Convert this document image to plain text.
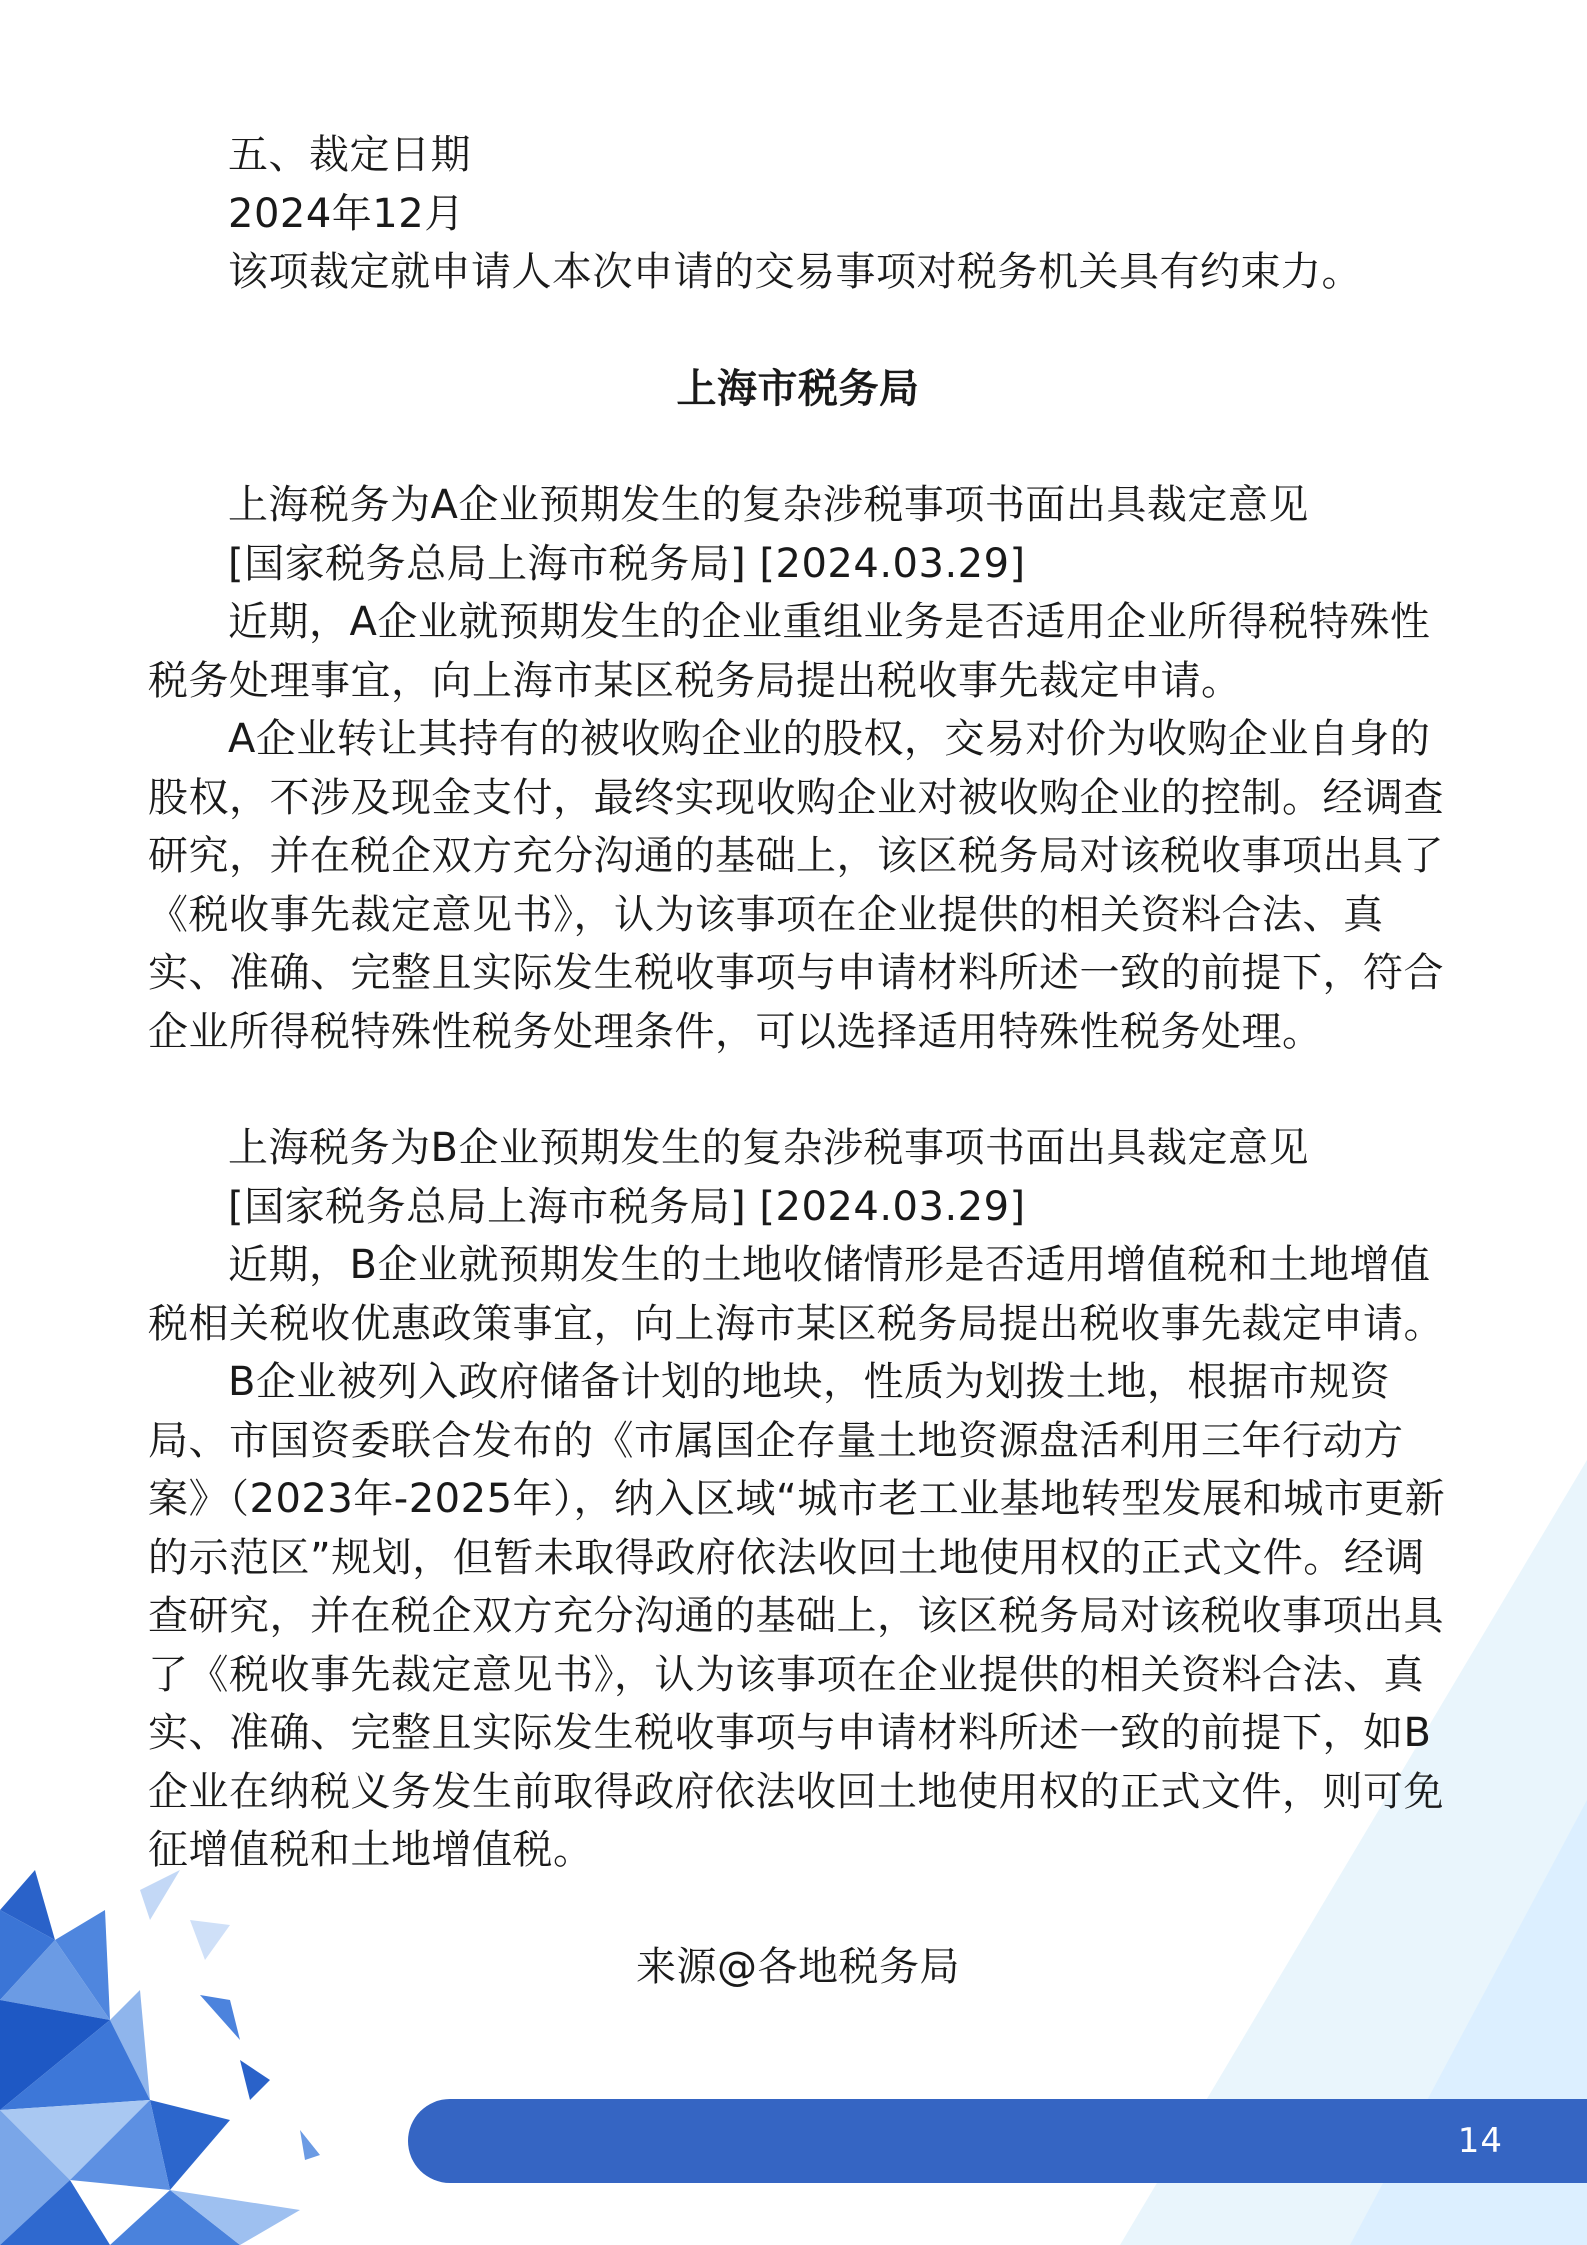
五、裁定日期

2024年12月

该项裁定就申请人本次申请的交易事项对税务机关具有约束力。

上海市税务局

上海税务为A企业预期发生的复杂涉税事项书面出具裁定意见

[国家税务总局上海市税务局] [2024.03.29]

近期，A企业就预期发生的企业重组业务是否适用企业所得税特殊性税务处理事宜，向上海市某区税务局提出税收事先裁定申请。

A企业转让其持有的被收购企业的股权，交易对价为收购企业自身的股权，不涉及现金支付，最终实现收购企业对被收购企业的控制。经调查研究，并在税企双方充分沟通的基础上，该区税务局对该税收事项出具了《税收事先裁定意见书》，认为该事项在企业提供的相关资料合法、真实、准确、完整且实际发生税收事项与申请材料所述一致的前提下，符合企业所得税特殊性税务处理条件，可以选择适用特殊性税务处理。

上海税务为B企业预期发生的复杂涉税事项书面出具裁定意见

[国家税务总局上海市税务局] [2024.03.29]

近期，B企业就预期发生的土地收储情形是否适用增值税和土地增值税相关税收优惠政策事宜，向上海市某区税务局提出税收事先裁定申请。

B企业被列入政府储备计划的地块，性质为划拨土地，根据市规资局、市国资委联合发布的《市属国企存量土地资源盘活利用三年行动方案》（2023年-2025年），纳入区域“城市老工业基地转型发展和城市更新的示范区”规划，但暂未取得政府依法收回土地使用权的正式文件。经调查研究，并在税企双方充分沟通的基础上，该区税务局对该税收事项出具了《税收事先裁定意见书》，认为该事项在企业提供的相关资料合法、真实、准确、完整且实际发生税收事项与申请材料所述一致的前提下，如B企业在纳税义务发生前取得政府依法收回土地使用权的正式文件，则可免征增值税和土地增值税。

来源@各地税务局

14
